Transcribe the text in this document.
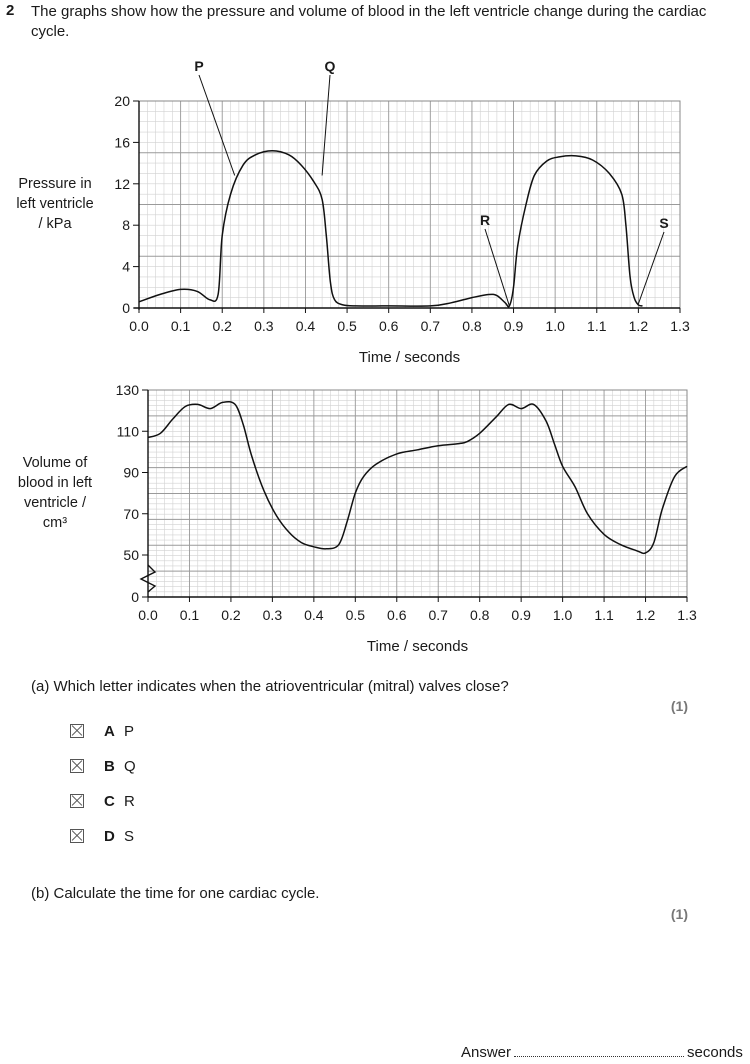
2 The graphs show how the pressure and volume of blood in the left ventricle change during the cardiac cycle.
Pressure in
left ventricle
/ kPa
0.0 0.1 0.2 0.3 0.4 0.5 0.6 0.7 0.8 0.9 1.0 1.1 1.2 1.3
0
4
8
12
16
20
Time / seconds
P	Q
R	S
Volume of
blood in left
ventricle /
cm³
0.0 0.1 0.2 0.3 0.4 0.5 0.6 0.7 0.8 0.9 1.0 1.1 1.2 1.3
0
50
70
90
110
130
Time / seconds
(a) Which letter indicates when the atrioventricular (mitral) valves close?
(1)
A P
B Q
C R
D S
(b) Calculate the time for one cardiac cycle.
(1)
Answer	seconds
